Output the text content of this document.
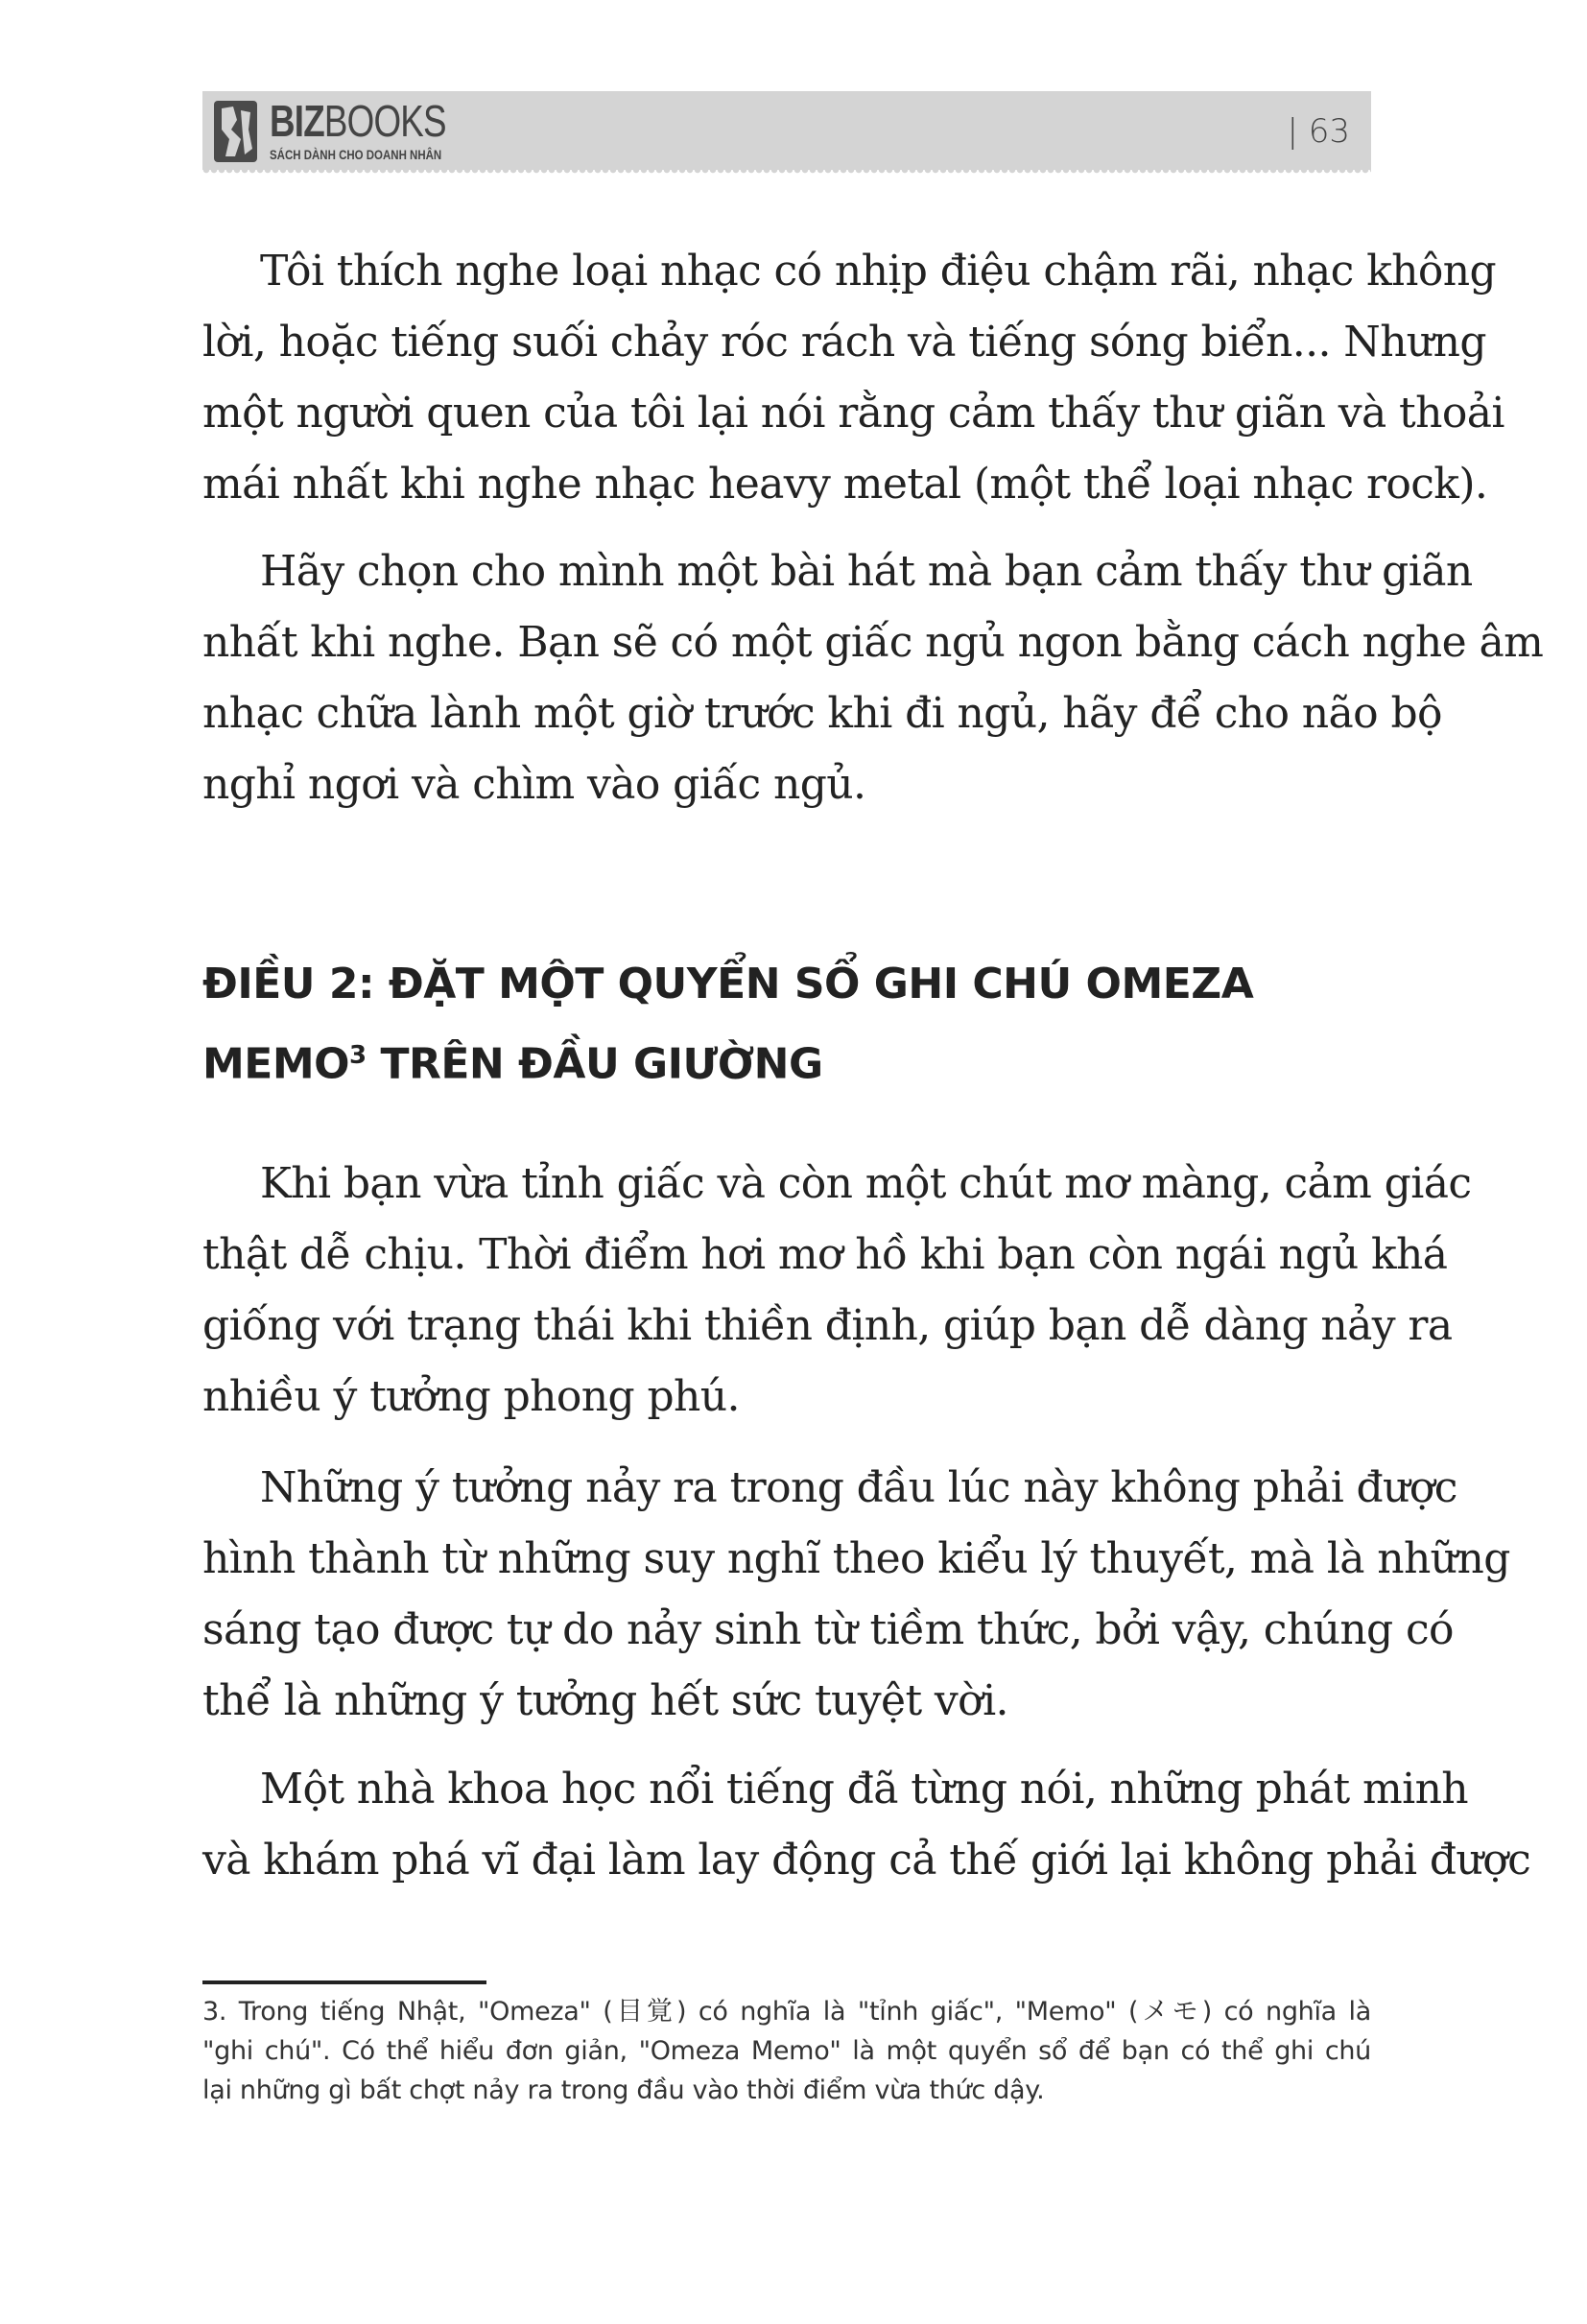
BIZBOOKS
SÁCH DÀNH CHO DOANH NHÂN
| 63
Tôi thích nghe loại nhạc có nhịp điệu chậm rãi, nhạc không
lời, hoặc tiếng suối chảy róc rách và tiếng sóng biển... Nhưng
một người quen của tôi lại nói rằng cảm thấy thư giãn và thoải
mái nhất khi nghe nhạc heavy metal (một thể loại nhạc rock).
Hãy chọn cho mình một bài hát mà bạn cảm thấy thư giãn
nhất khi nghe. Bạn sẽ có một giấc ngủ ngon bằng cách nghe âm
nhạc chữa lành một giờ trước khi đi ngủ, hãy để cho não bộ
nghỉ ngơi và chìm vào giấc ngủ.
ĐIỀU 2: ĐẶT MỘT QUYỂN SỔ GHI CHÚ OMEZA
MEMO$^3$ TRÊN ĐẦU GIƯỜNG
Khi bạn vừa tỉnh giấc và còn một chút mơ màng, cảm giác
thật dễ chịu. Thời điểm hơi mơ hồ khi bạn còn ngái ngủ khá
giống với trạng thái khi thiền định, giúp bạn dễ dàng nảy ra
nhiều ý tưởng phong phú.
Những ý tưởng nảy ra trong đầu lúc này không phải được
hình thành từ những suy nghĩ theo kiểu lý thuyết, mà là những
sáng tạo được tự do nảy sinh từ tiềm thức, bởi vậy, chúng có
thể là những ý tưởng hết sức tuyệt vời.
Một nhà khoa học nổi tiếng đã từng nói, những phát minh
và khám phá vĩ đại làm lay động cả thế giới lại không phải được
3. Trong tiếng Nhật, "Omeza" (目覚) có nghĩa là "tỉnh giấc", "Memo" (メモ) có nghĩa là
"ghi chú". Có thể hiểu đơn giản, "Omeza Memo" là một quyển sổ để bạn có thể ghi chú
lại những gì bất chợt nảy ra trong đầu vào thời điểm vừa thức dậy.
